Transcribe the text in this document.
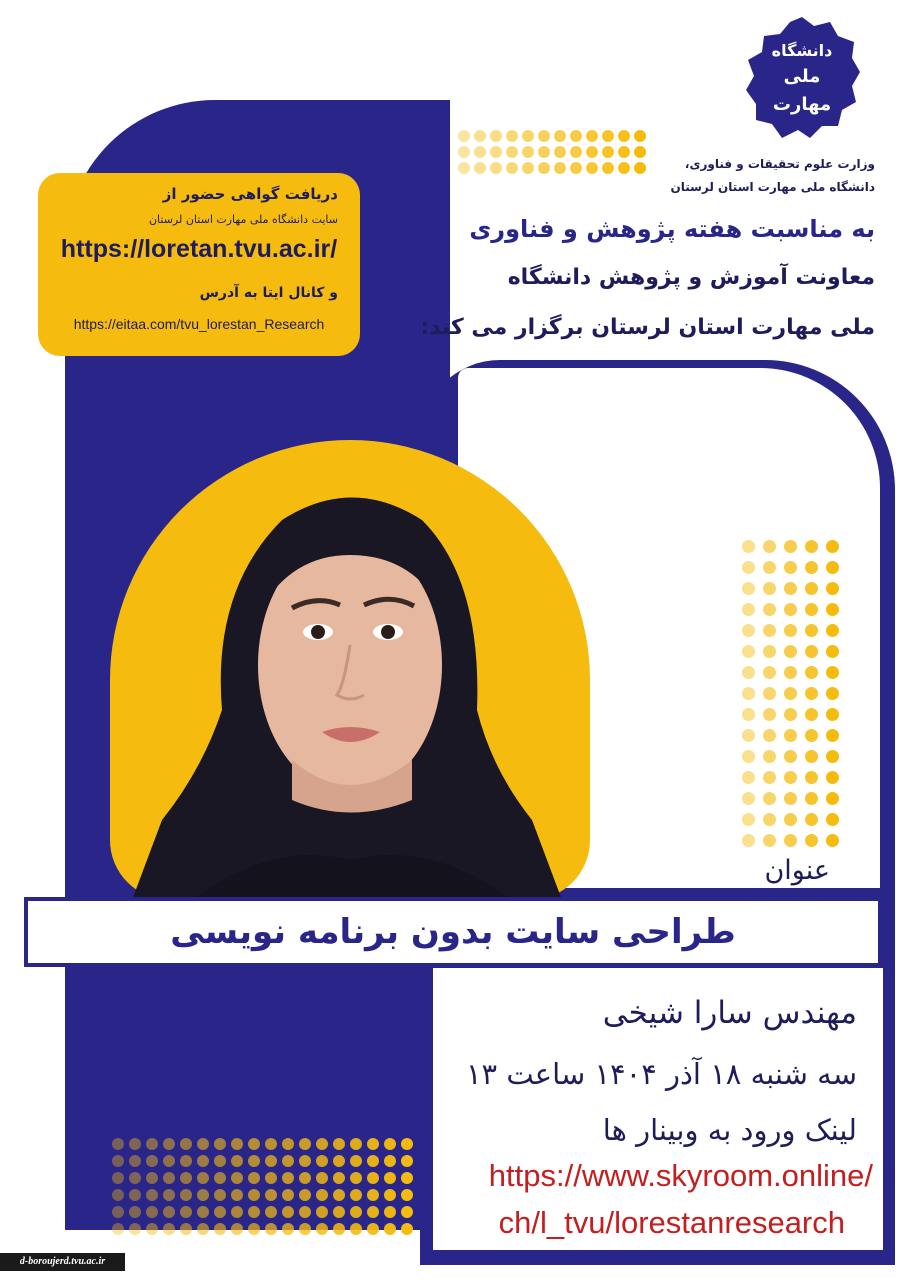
دانشگاه
ملی
مهارت
وزارت علوم تحقیقات و فناوری،
دانشگاه ملی مهارت استان لرستان
به مناسبت هفته پژوهش و فناوری
معاونت آموزش و پژوهش دانشگاه
ملی مهارت استان لرستان برگزار می کند:
دریافت گواهی حضور از
سایت دانشگاه ملی مهارت استان لرستان
https://loretan.tvu.ac.ir/
و کانال ایتا به آدرس
https://eitaa.com/tvu_lorestan_Research
عنوان
طراحی سایت بدون برنامه نویسی
مهندس سارا شیخی
سه شنبه ۱۸ آذر ۱۴۰۴ ساعت ۱۳
لینک ورود به وبینار ها
https://www.skyroom.online/
ch/l_tvu/lorestanresearch
d-boroujerd.tvu.ac.ir
